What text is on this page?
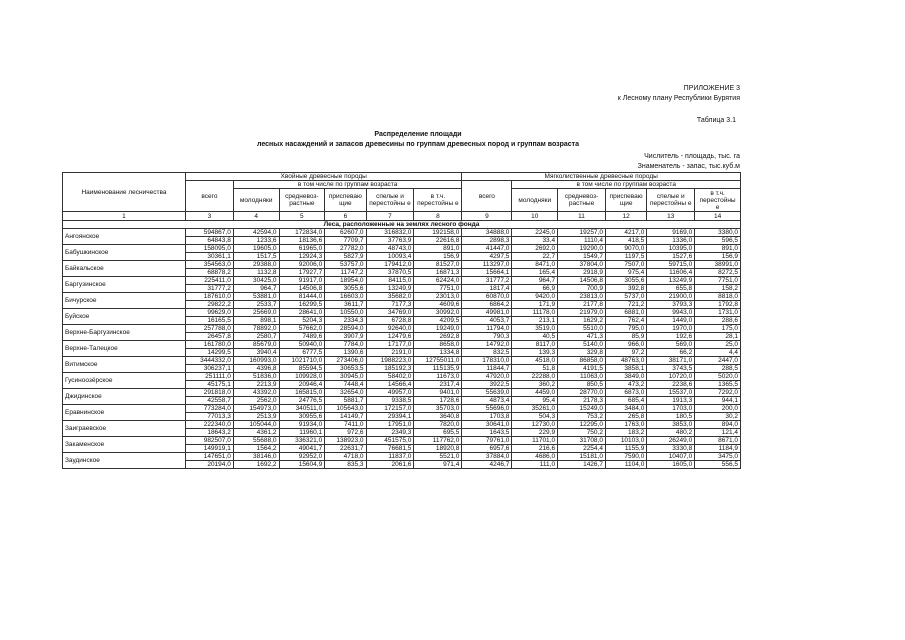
ПРИЛОЖЕНИЕ 3
к Лесному плану Республики Бурятия
Таблица 3.1
Распределение площади
лесных насаждений и запасов древесины по группам древесных пород и группам возраста
Числитель - площадь, тыс. га
Знаменатель - запас, тыс.куб.м
Наименование лесничества	Хвойные древесные породы						Мягколиственные древесные породы					
	всего	в том числе по группам возраста					всего	в том числе по группам возраста				
		молодняки	средневоз-растные	приспеваю щие	спелые и перестойны е	в т.ч. перестойны е		молодняки	средневоз-растные	приспеваю щие	спелые и перестойны е	в т.ч. перестойны е
1	3	4	5	6	7	8	9	10	11	12	13	14
Леса, расположенные на землях лесного фонда												
Ангоянское	594867,0	42594,0	172834,0	62607,0	316832,0	192158,0	34888,0	2245,0	19257,0	4217,0	9169,0	3380,0
	64843,8	1233,6	18136,6	7709,7	37763,9	22616,8	2898,3	33,4	1110,4	418,5	1336,0	596,5
Бабушкинское	158095,0	19605,0	61965,0	27782,0	48743,0	891,0	41447,0	2692,0	19290,0	9070,0	10395,0	891,0
	30361,1	1517,5	12924,3	5827,9	10093,4	156,9	4297,5	22,7	1549,7	1197,5	1527,6	156,9
Байкальское	354563,0	29388,0	92006,0	53757,0	179412,0	81527,0	113297,0	8471,0	37804,0	7507,0	59715,0	38991,0
	68878,2	1132,8	17927,7	11747,2	37870,5	16871,3	15664,1	165,4	2918,9	975,4	11606,4	8272,5
Баргузинское	225411,0	30425,0	91917,0	18954,0	84115,0	62424,0	31777,2	964,7	14506,8	3055,6	13249,9	7751,0
	31777,2	964,7	14506,8	3055,6	13249,9	7751,0	1817,4	66,9	700,9	392,8	655,8	158,2
Бичурское	187610,0	53881,0	81444,0	16603,0	35682,0	23013,0	60870,0	9420,0	23813,0	5737,0	21900,0	8818,0
	29822,2	2533,7	16299,5	3611,7	7177,3	4609,6	6864,2	171,9	2177,8	721,2	3793,3	1792,8
Буйское	99629,0	25669,0	28641,0	10550,0	34769,0	30992,0	49981,0	11178,0	21979,0	6881,0	9943,0	1731,0
	16165,5	898,1	5204,3	2334,3	6728,8	4209,5	4053,7	213,1	1629,2	762,4	1449,0	288,6
Верхне-Баргузинское	257788,0	78892,0	57662,0	28594,0	92640,0	19249,0	11794,0	3519,0	5510,0	795,0	1970,0	175,0
	26457,8	2580,7	7489,6	3907,9	12479,6	2692,8	790,3	40,5	471,3	85,9	192,6	28,1
Верхне-Талецкое	161780,0	85679,0	50940,0	7784,0	17177,0	8658,0	14792,0	8117,0	5140,0	966,0	569,0	25,0
	14299,5	3940,4	6777,5	1390,6	2191,0	1334,8	832,5	139,3	329,8	97,2	66,2	4,4
Витимское	3444332,0	160993,0	1021710,0	273406,0	1988223,0	12755011,0	178310,0	4518,0	86858,0	48763,0	38171,0	2447,0
	306237,1	4396,8	85594,5	30653,5	185192,3	115135,9	11844,7	51,8	4191,5	3858,1	3743,5	288,5
Гусиноозёрское	251111,0	51836,0	109928,0	30945,0	58402,0	11673,0	47920,0	22288,0	11063,0	3849,0	10720,0	5020,0
	45175,1	2213,9	20946,4	7448,4	14566,4	2317,4	3922,5	360,2	850,5	473,2	2238,6	1365,5
Джидинское	291818,0	43392,0	165815,0	32654,0	49957,0	9401,0	55639,0	4459,0	28770,0	6873,0	15537,0	7292,0
	42558,7	2562,0	24776,5	5881,7	9338,5	1728,6	4873,4	95,4	2178,3	685,4	1913,3	944,1
Еравнинское	773284,0	154973,0	340511,0	105643,0	172157,0	35703,0	55696,0	35261,0	15249,0	3484,0	1703,0	200,0
	77013,3	2513,9	30955,6	14149,7	29394,1	3640,8	1703,8	504,3	753,2	265,8	180,5	30,2
Заиграевское	222340,0	105044,0	91934,0	7411,0	17951,0	7820,0	30641,0	12730,0	12295,0	1763,0	3853,0	894,0
	18643,2	4361,2	11960,1	972,6	2349,3	695,5	1643,5	229,9	750,2	183,2	480,2	121,4
Закаменское	982507,0	55688,0	336321,0	138923,0	451575,0	117762,0	79761,0	11701,0	31708,0	10103,0	26249,0	8671,0
	149919,1	1564,2	49041,7	22631,7	76681,5	18920,8	6957,6	216,6	2254,4	1155,9	3330,8	1184,9
Заудинское	147651,0	38146,0	92952,0	4718,0	11837,0	5521,0	37884,0	4686,0	15181,0	7590,0	10407,0	3475,0
	20194,0	1692,2	15604,9	835,3	2061,6	971,4	4246,7	111,0	1426,7	1104,0	1605,0	556,5
